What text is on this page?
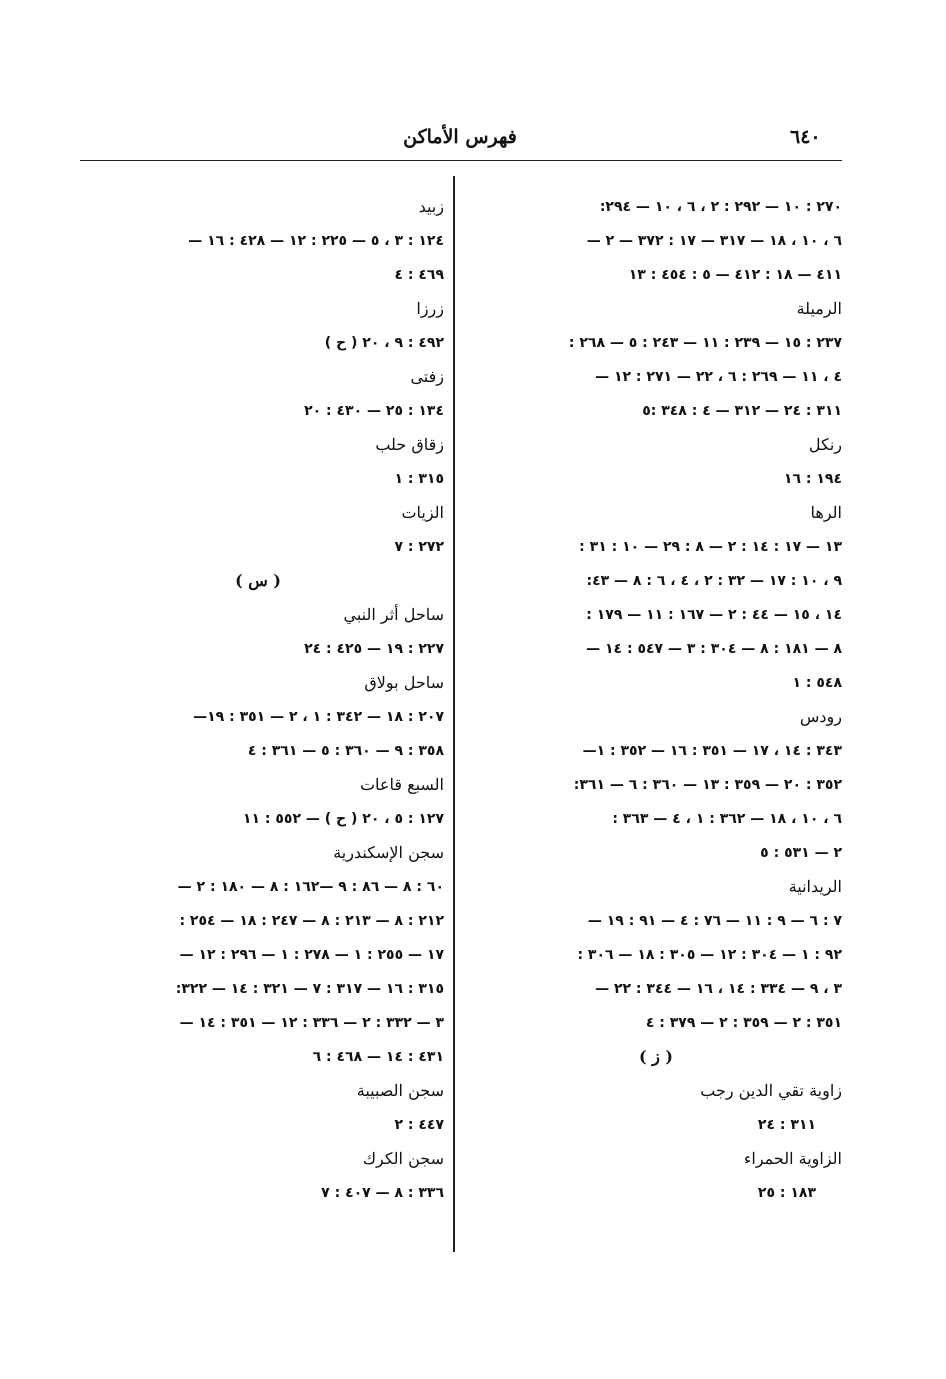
٦٤٠
فهرس الأماكن
٢٧٠ : ١٠ — ٢٩٢ : ٢ ، ٦ ، ١٠ — ٢٩٤:
٦ ، ١٠ ، ١٨ — ٣١٧ — ١٧ : ٣٧٢ — ٢ —
٤١١ — ١٨ : ٤١٢ — ٥ : ٤٥٤ : ١٣
الرميلة
٢٣٧ : ١٥ — ٢٣٩ : ١١ — ٢٤٣ : ٥ — ٢٦٨ :
٤ ، ١١ — ٢٦٩ : ٦ ، ٢٢ — ٢٧١ : ١٢ —
٣١١ : ٢٤ — ٣١٢ — ٤ : ٣٤٨ :٥
رنكل
١٩٤ : ١٦
الرها
١٣ — ١٧ : ١٤ : ٢ — ٨ : ٢٩ — ١٠ : ٣١ :
٩ ، ١٠ : ١٧ — ٣٢ : ٢ ، ٤ ، ٦ : ٨ — ٤٣:
١٤ ، ١٥ — ٤٤ : ٢ — ١٦٧ : ١١ — ١٧٩ :
٨ — ١٨١ : ٨ — ٣٠٤ : ٣ — ٥٤٧ : ١٤ —
٥٤٨ : ١
رودس
٣٤٣ : ١٤ ، ١٧ — ٣٥١ : ١٦ — ٣٥٢ : ١—
٣٥٢ : ٢٠ — ٣٥٩ : ١٣ — ٣٦٠ : ٦ — ٣٦١:
٦ ، ١٠ ، ١٨ — ٣٦٢ : ١ ، ٤ — ٣٦٣ :
٢ — ٥٣١ : ٥
الريدانية
٧ : ٦ — ٩ : ١١ — ٧٦ : ٤ — ٩١ : ١٩ —
٩٢ : ١ — ٣٠٤ : ١٢ — ٣٠٥ : ١٨ — ٣٠٦ :
٣ ، ٩ — ٣٣٤ : ١٤ ، ١٦ — ٣٤٤ : ٢٢ —
٣٥١ : ٢ — ٣٥٩ : ٢ — ٣٧٩ : ٤
( ز )
زاوية تقي الدين رجب
٣١١ : ٢٤
الزاوية الحمراء
١٨٣ : ٢٥
زبيد
١٢٤ : ٣ ، ٥ — ٢٢٥ : ١٢ — ٤٢٨ : ١٦ —
٤٦٩ : ٤
زرزا
٤٩٢ : ٩ ، ٢٠ ( ح )
زفتى
١٣٤ : ٢٥ — ٤٣٠ : ٢٠
زقاق حلب
٣١٥ : ١
الزيات
٢٧٢ : ٧
( س )
ساحل أثر النبي
٢٢٧ : ١٩ — ٤٢٥ : ٢٤
ساحل بولاق
٢٠٧ : ١٨ — ٣٤٢ : ١ ، ٢ — ٣٥١ : ١٩—
٣٥٨ : ٩ — ٣٦٠ : ٥ — ٣٦١ : ٤
السبع قاعات
١٢٧ : ٥ ، ٢٠ ( ح ) — ٥٥٢ : ١١
سجن الإسكندرية
٦٠ : ٨ — ٨٦ : ٩ —١٦٢ : ٨ — ١٨٠ : ٢ —
٢١٢ : ٨ — ٢١٣ : ٨ — ٢٤٧ : ١٨ — ٢٥٤ :
١٧ — ٢٥٥ : ١ — ٢٧٨ : ١ — ٢٩٦ : ١٢ —
٣١٥ : ١٦ — ٣١٧ : ٧ — ٣٢١ : ١٤ — ٣٢٢:
٣ — ٣٣٢ : ٢ — ٣٣٦ : ١٢ — ٣٥١ : ١٤ —
٤٣١ : ١٤ — ٤٦٨ : ٦
سجن الصبيبة
٤٤٧ : ٢
سجن الكرك
٣٣٦ : ٨ — ٤٠٧ : ٧
